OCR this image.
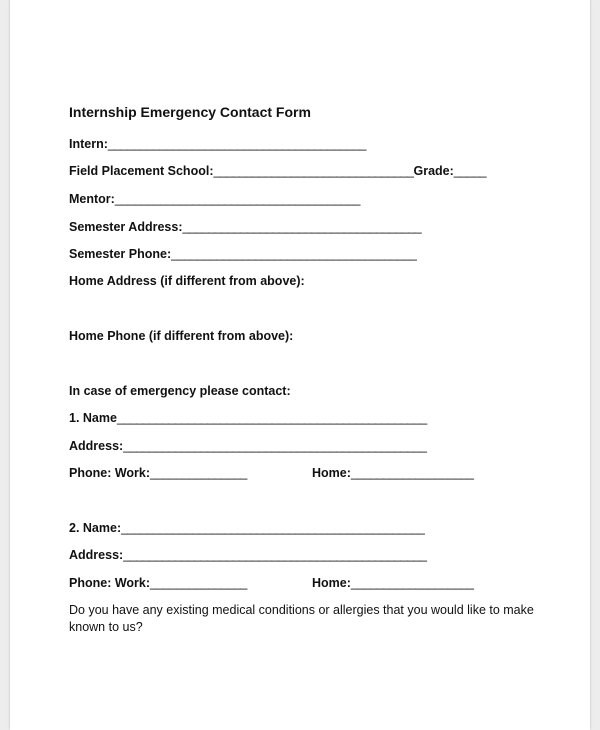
Internship Emergency Contact Form
Intern:________________________________________
Field Placement School:_______________________________Grade:_____
Mentor:______________________________________
Semester Address:_____________________________________
Semester Phone:______________________________________
Home Address (if different from above):
Home Phone (if different from above):
In case of emergency please contact:
1. Name________________________________________________
Address:_______________________________________________
Phone: Work:_______________	Home:___________________
2. Name:_______________________________________________
Address:_______________________________________________
Phone: Work:_______________	Home:___________________
Do you have any existing medical conditions or allergies that you would like to make known to us?
